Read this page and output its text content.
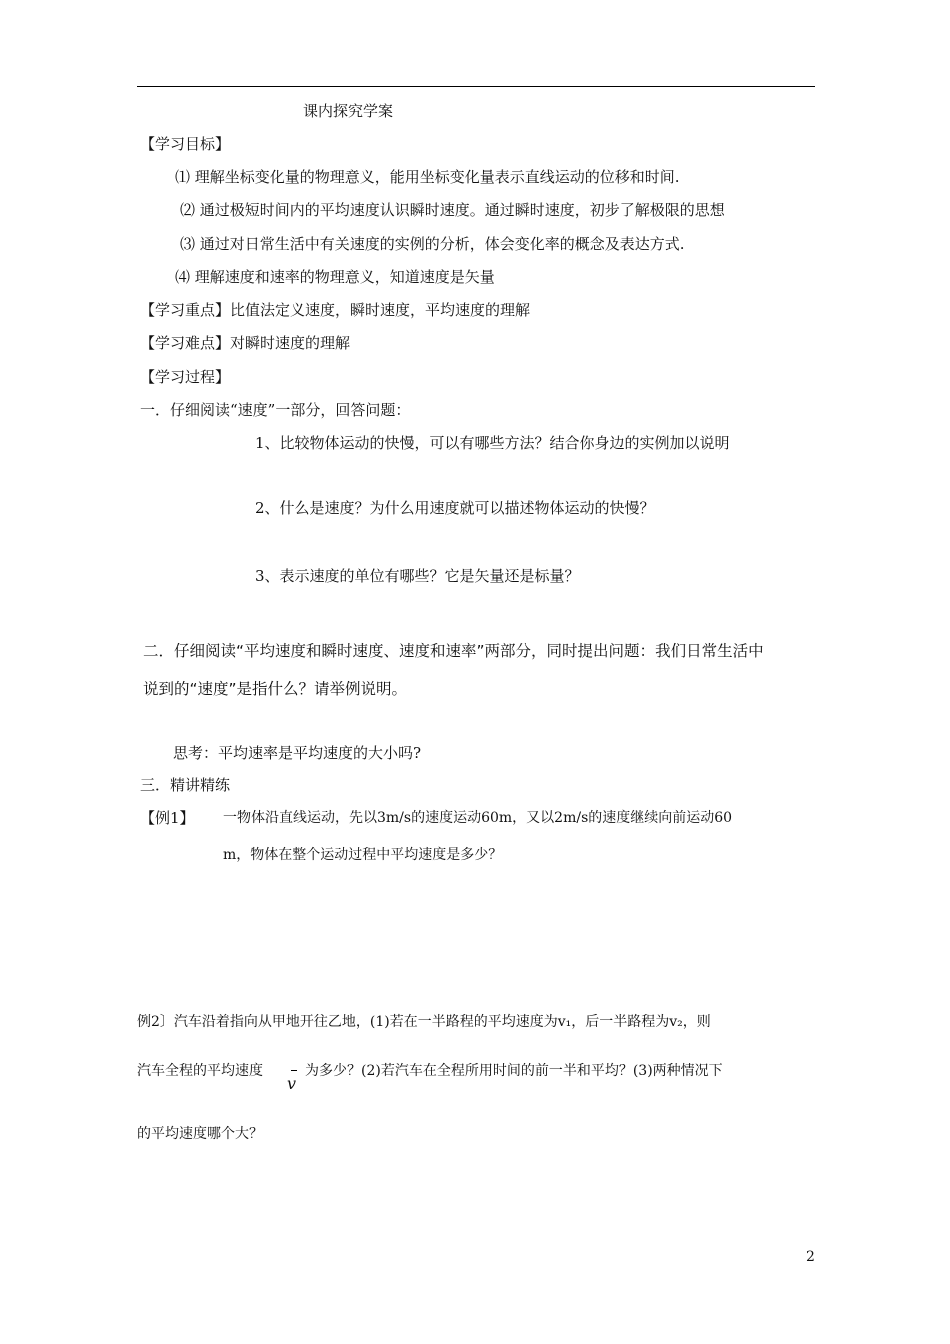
课内探究学案
【学习目标】
⑴ 理解坐标变化量的物理意义，能用坐标变化量表示直线运动的位移和时间.
⑵ 通过极短时间内的平均速度认识瞬时速度。通过瞬时速度，初步了解极限的思想
⑶ 通过对日常生活中有关速度的实例的分析，体会变化率的概念及表达方式.
⑷ 理解速度和速率的物理意义，知道速度是矢量
【学习重点】比值法定义速度，瞬时速度，平均速度的理解
【学习难点】对瞬时速度的理解
【学习过程】
一．仔细阅读“速度”一部分，回答问题：
1、比较物体运动的快慢，可以有哪些方法？结合你身边的实例加以说明
2、什么是速度？为什么用速度就可以描述物体运动的快慢？
3、表示速度的单位有哪些？它是矢量还是标量？
二．仔细阅读“平均速度和瞬时速度、速度和速率”两部分，同时提出问题：我们日常生活中
说到的“速度”是指什么？请举例说明。
思考：平均速率是平均速度的大小吗?
三．精讲精练
【例1】 一物体沿直线运动，先以3m/s的速度运动60m，又以2m/s的速度继续向前运动60
m，物体在整个运动过程中平均速度是多少？
例2〕汽车沿着指向从甲地开往乙地，(1)若在一半路程的平均速度为v₁，后一半路程为v₂，则
汽车全程的平均速度
v
为多少？(2)若汽车在全程所用时间的前一半和平均？(3)两种情况下
的平均速度哪个大？
2
